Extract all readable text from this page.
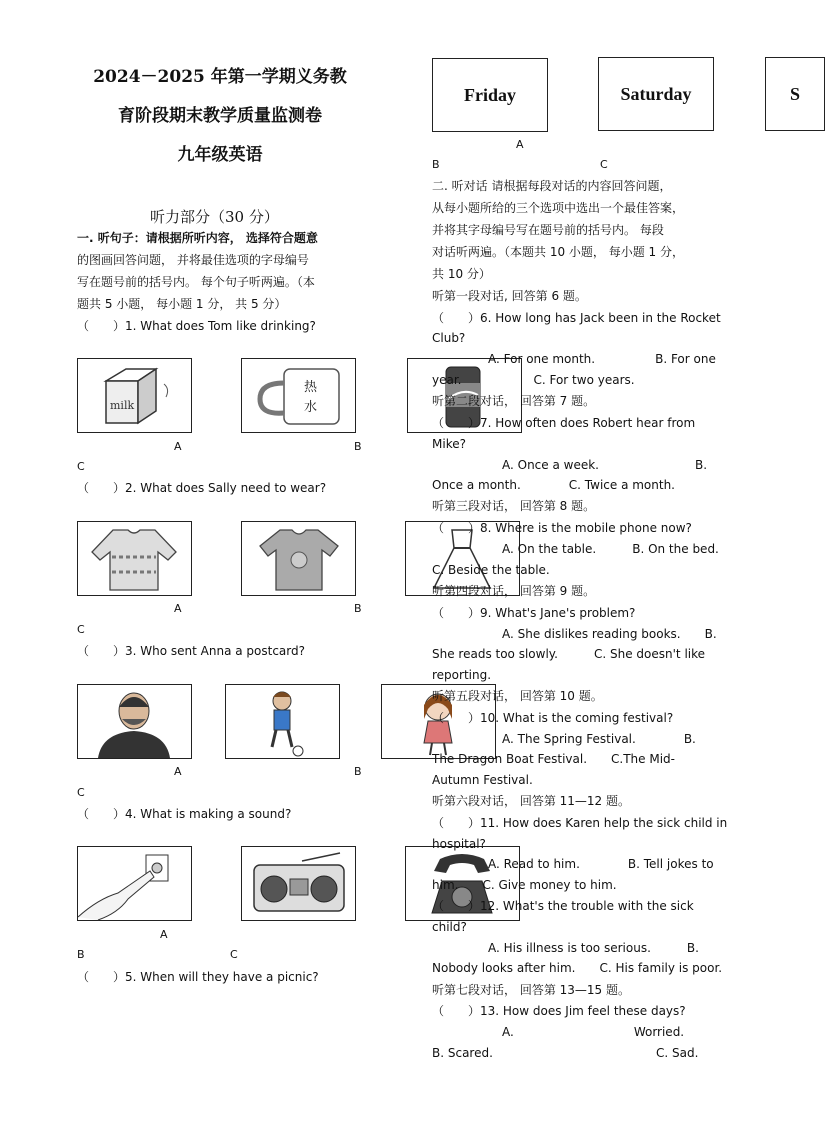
2024－2025 年第一学期义务教
育阶段期末教学质量监测卷
九年级英语
听力部分（30 分）
一. 听句子：请根据所听内容， 选择符合题意
的图画回答问题， 并将最佳选项的字母编号
写在题号前的括号内。 每个句子听两遍。（本
题共 5 小题， 每小题 1 分， 共 5 分）
（　　）1. What does Tom like drinking?
milk
热
水
A	B
C
（　　）2. What does Sally need to wear?
A	B
C
（　　）3. Who sent Anna a postcard?
A	B
C
（　　）4. What is making a sound?
A
B	C
（　　）5. When will they have a picnic?
Friday	Saturday	S
A
B	C
二. 听对话 请根据每段对话的内容回答问题，
从每小题所给的三个选项中选出一个最佳答案，
并将其字母编号写在题号前的括号内。 每段
对话听两遍。（本题共 10 小题， 每小题 1 分，
共 10 分）
听第一段对话, 回答第 6 题。
（　　）6. How long has Jack been in the Rocket
Club?
A. For one month.　　　　　B. For one
year.　　　　　　C. For two years.
听第二段对话， 回答第 7 题。
（　　）7. How often does Robert hear from
Mike?
A. Once a week.　　　　　　　　B.
Once a month.　　　　C. Twice a month.
听第三段对话， 回答第 8 题。
（　　）8. Where is the mobile phone now?
A. On the table.　　　B. On the bed.
C. Beside the table.
听第四段对话， 回答第 9 题。
（　　）9. What's Jane's problem?
A. She dislikes reading books.　　B.
She reads too slowly.　　　C. She doesn't like
reporting.
听第五段对话， 回答第 10 题。
（　　）10. What is the coming festival?
A. The Spring Festival.　　　　B.
The Dragon Boat Festival.　　C.The Mid-
Autumn Festival.
听第六段对话， 回答第 11—12 题。
（　　）11. How does Karen help the sick child in
hospital?
A. Read to him.　　　　B. Tell jokes to
him.　　C. Give money to him.
（　　）12. What's the trouble with the sick
child?
A. His illness is too serious.　　　B.
Nobody looks after him.　　C. His family is poor.
听第七段对话， 回答第 13—15 题。
（　　）13. How does Jim feel these days?
A.　　　　　　　　　　Worried.
B. Scared.	C. Sad.
